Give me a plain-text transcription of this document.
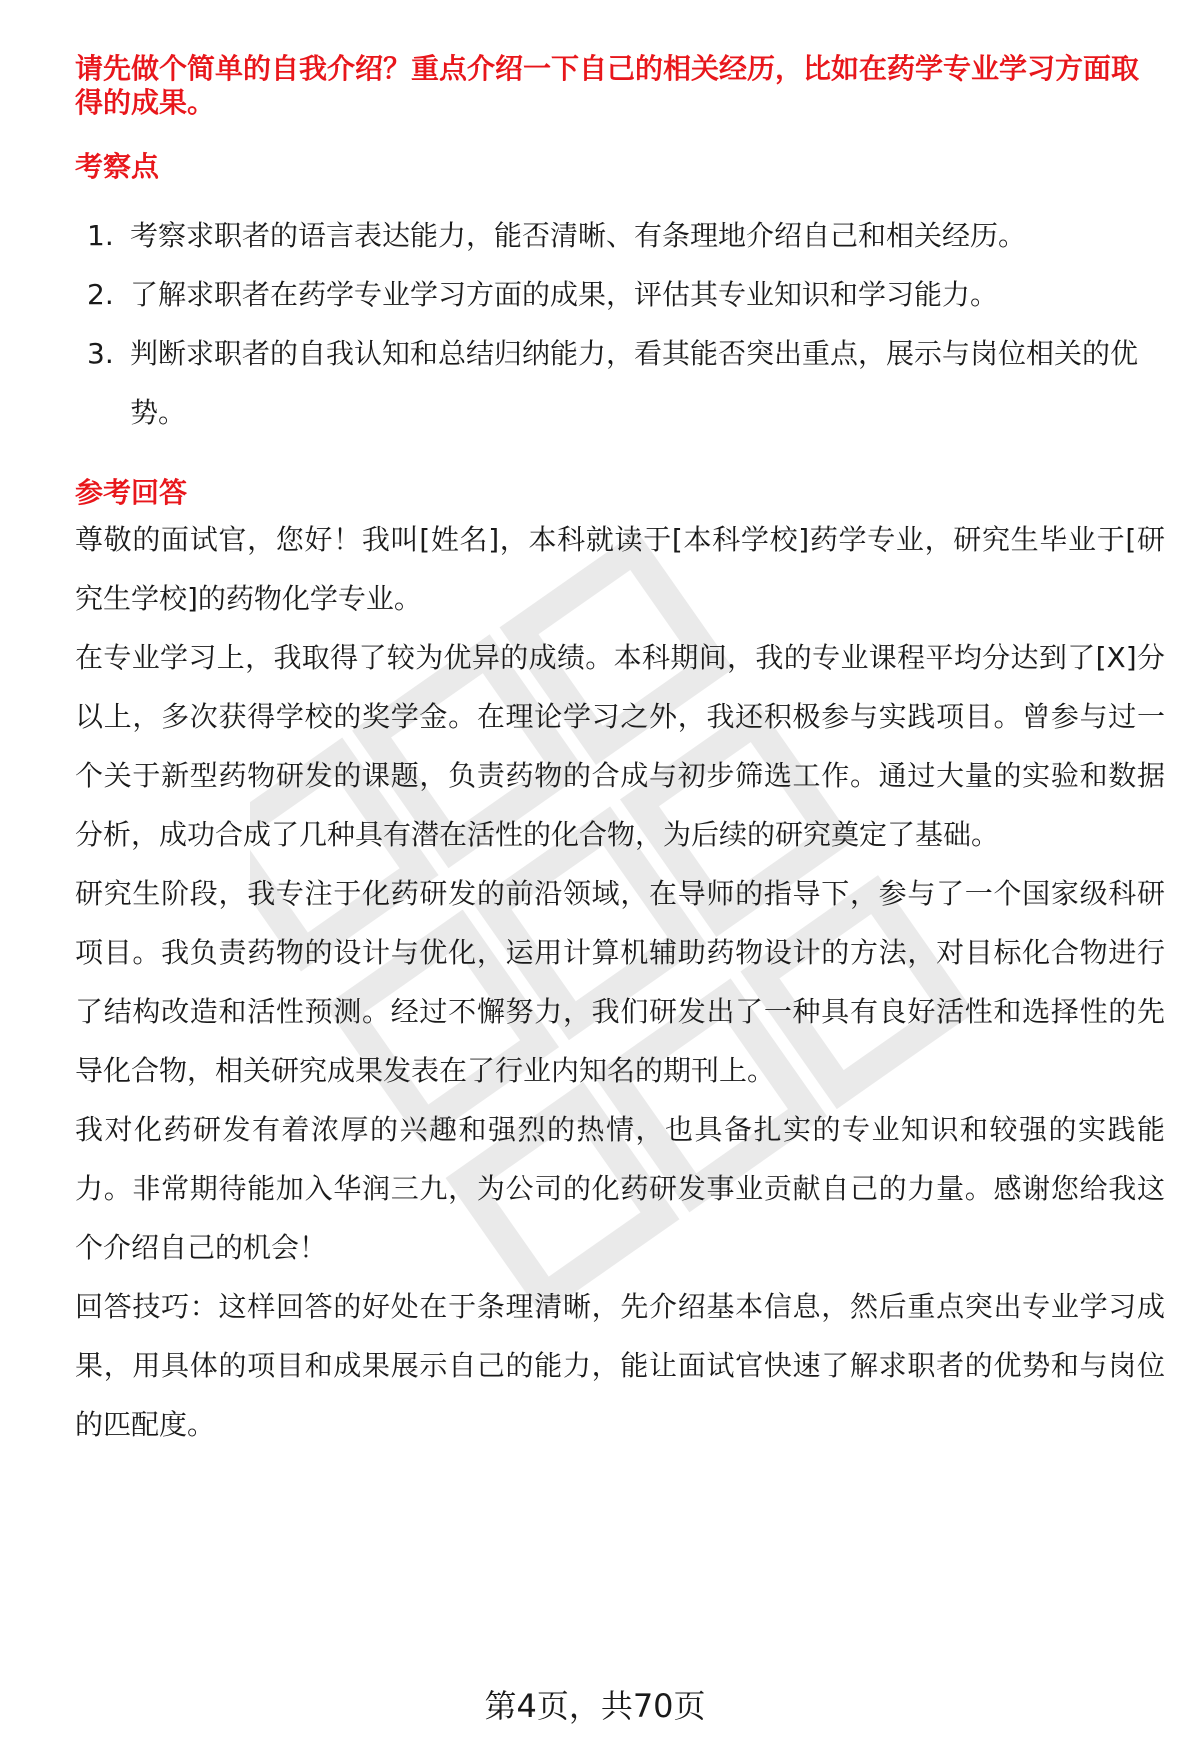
请先做个简单的自我介绍？重点介绍一下自己的相关经历，比如在药学专业学习方面取得的成果。

考察点

1. 考察求职者的语言表达能力，能否清晰、有条理地介绍自己和相关经历。
2. 了解求职者在药学专业学习方面的成果，评估其专业知识和学习能力。
3. 判断求职者的自我认知和总结归纳能力，看其能否突出重点，展示与岗位相关的优势。

参考回答

尊敬的面试官，您好！我叫[姓名]，本科就读于[本科学校]药学专业，研究生毕业于[研究生学校]的药物化学专业。

在专业学习上，我取得了较为优异的成绩。本科期间，我的专业课程平均分达到了[X]分以上，多次获得学校的奖学金。在理论学习之外，我还积极参与实践项目。曾参与过一个关于新型药物研发的课题，负责药物的合成与初步筛选工作。通过大量的实验和数据分析，成功合成了几种具有潜在活性的化合物，为后续的研究奠定了基础。

研究生阶段，我专注于化药研发的前沿领域，在导师的指导下，参与了一个国家级科研项目。我负责药物的设计与优化，运用计算机辅助药物设计的方法，对目标化合物进行了结构改造和活性预测。经过不懈努力，我们研发出了一种具有良好活性和选择性的先导化合物，相关研究成果发表在了行业内知名的期刊上。

我对化药研发有着浓厚的兴趣和强烈的热情，也具备扎实的专业知识和较强的实践能力。非常期待能加入华润三九，为公司的化药研发事业贡献自己的力量。感谢您给我这个介绍自己的机会！

回答技巧：这样回答的好处在于条理清晰，先介绍基本信息，然后重点突出专业学习成果，用具体的项目和成果展示自己的能力，能让面试官快速了解求职者的优势和与岗位的匹配度。

第4页，共70页
